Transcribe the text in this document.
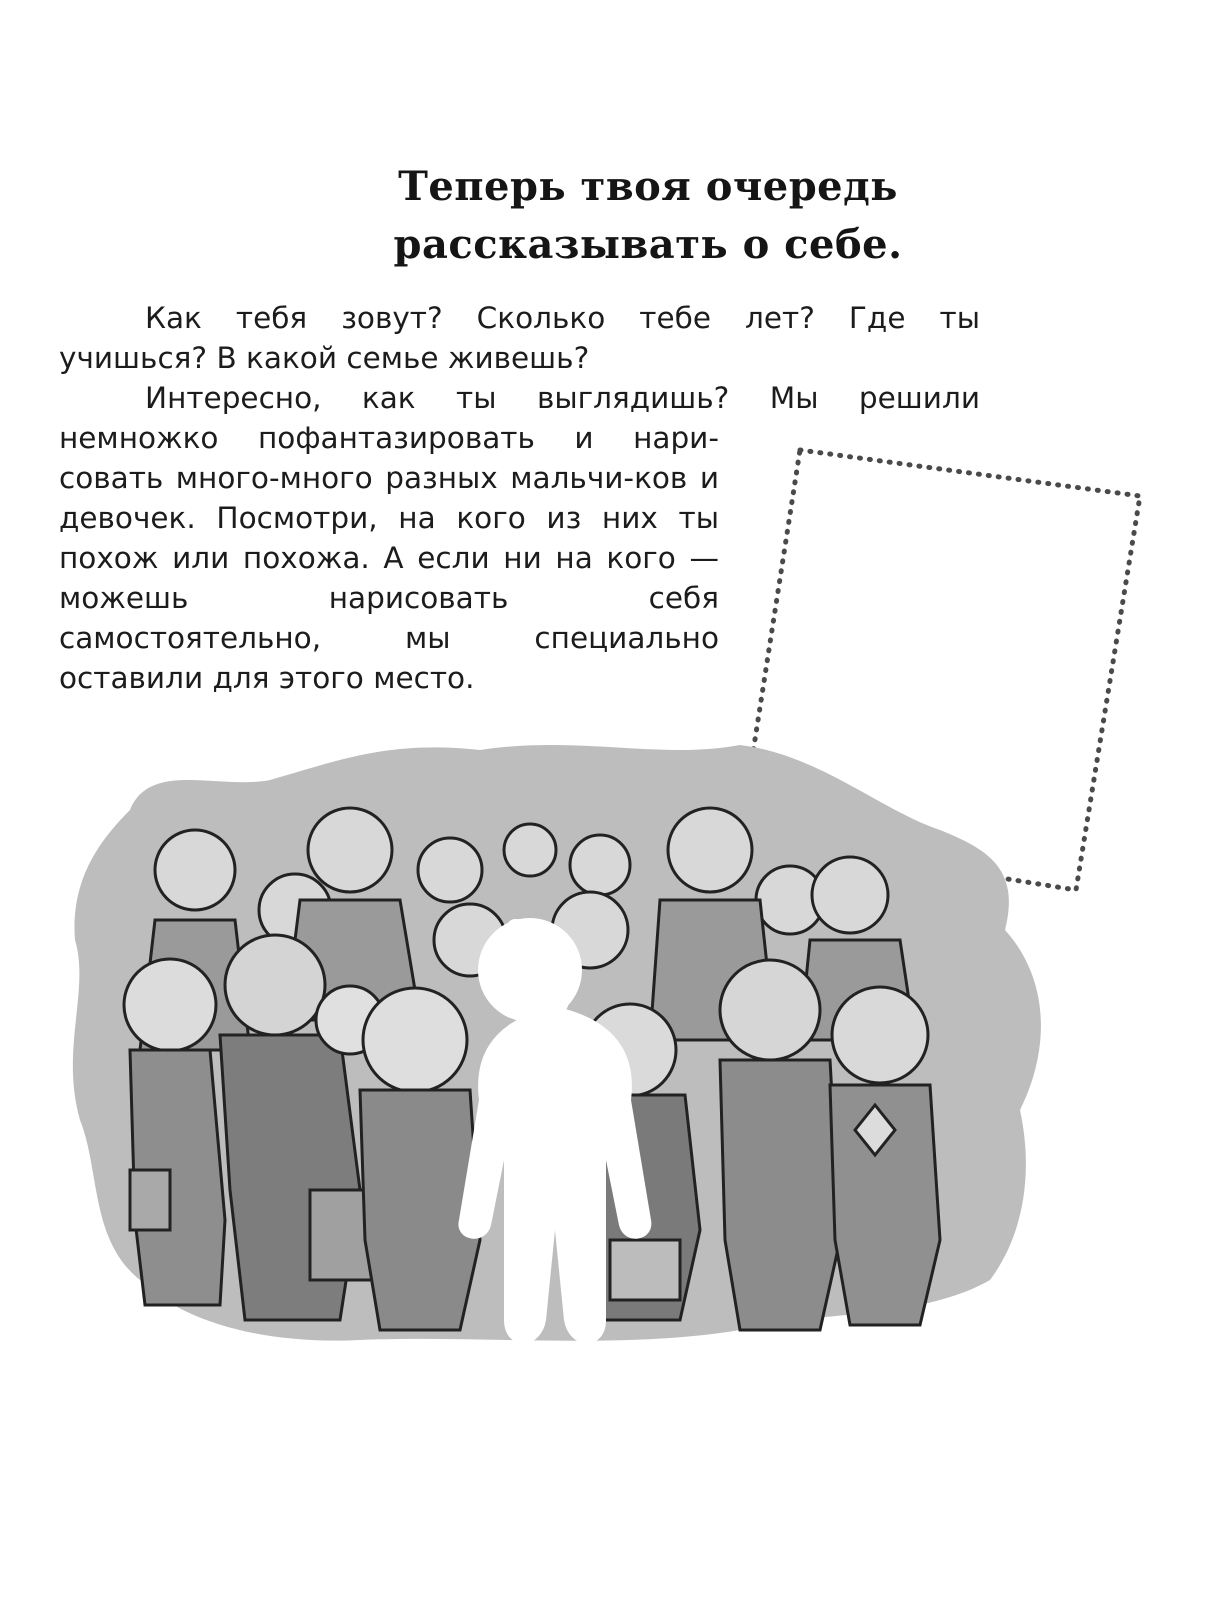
Теперь твоя очередь
рассказывать о себе.

Как тебя зовут? Сколько тебе лет? Где ты
учишься? В какой семье живешь?

Интересно, как ты выглядишь? Мы решили
немножко пофантазировать и нари-совать много-много разных мальчи-ков и девочек. Посмотри, на кого из них ты похож или похожа. А если ни на кого — можешь нарисовать себя самостоятельно, мы специально оставили для этого место.
